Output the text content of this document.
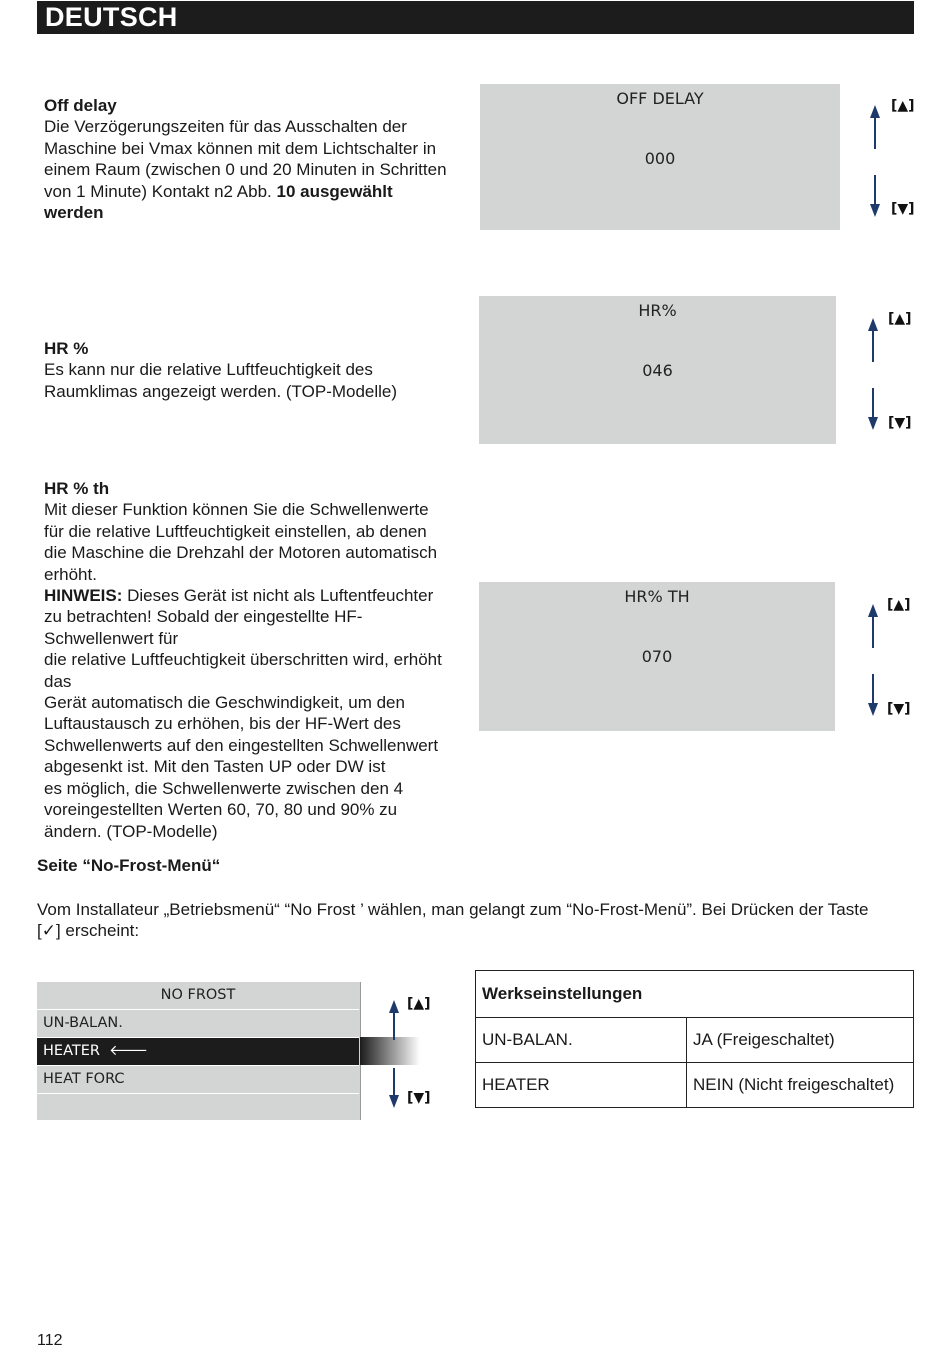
DEUTSCH
Off delay
Die Verzögerungszeiten für das Ausschalten der
Maschine bei Vmax können mit dem Lichtschalter in
einem Raum (zwischen 0 und 20 Minuten in Schritten
von 1 Minute) Kontakt n2 Abb. 10 ausgewählt
werden
OFF DELAY
000
[▲]
[▼]
HR %
Es kann nur die relative Luftfeuchtigkeit des
Raumklimas angezeigt werden. (TOP-Modelle)
HR%
046
[▲]
[▼]
HR % th
Mit dieser Funktion können Sie die Schwellenwerte
für die relative Luftfeuchtigkeit einstellen, ab denen
die Maschine die Drehzahl der Motoren automatisch
erhöht.
HINWEIS: Dieses Gerät ist nicht als Luftentfeuchter
zu betrachten! Sobald der eingestellte HF-
Schwellenwert für
die relative Luftfeuchtigkeit überschritten wird, erhöht
das
Gerät automatisch die Geschwindigkeit, um den
Luftaustausch zu erhöhen, bis der HF-Wert des
Schwellenwerts auf den eingestellten Schwellenwert
abgesenkt ist. Mit den Tasten UP oder DW ist
es möglich, die Schwellenwerte zwischen den 4
voreingestellten Werten 60, 70, 80 und 90% zu
ändern. (TOP-Modelle)
HR% TH
070
[▲]
[▼]
Seite “No-Frost-Menü“
Vom Installateur „Betriebsmenü“ “No Frost ’ wählen, man gelangt zum “No-Frost-Menü”. Bei Drücken der Taste
[✓] erscheint:
NO FROST
UN-BALAN.
HEATER 🡐
HEAT FORC
[▲]
[▼]
Werkseinstellungen	
UN-BALAN.	JA (Freigeschaltet)
HEATER	NEIN (Nicht freigeschaltet)
112
